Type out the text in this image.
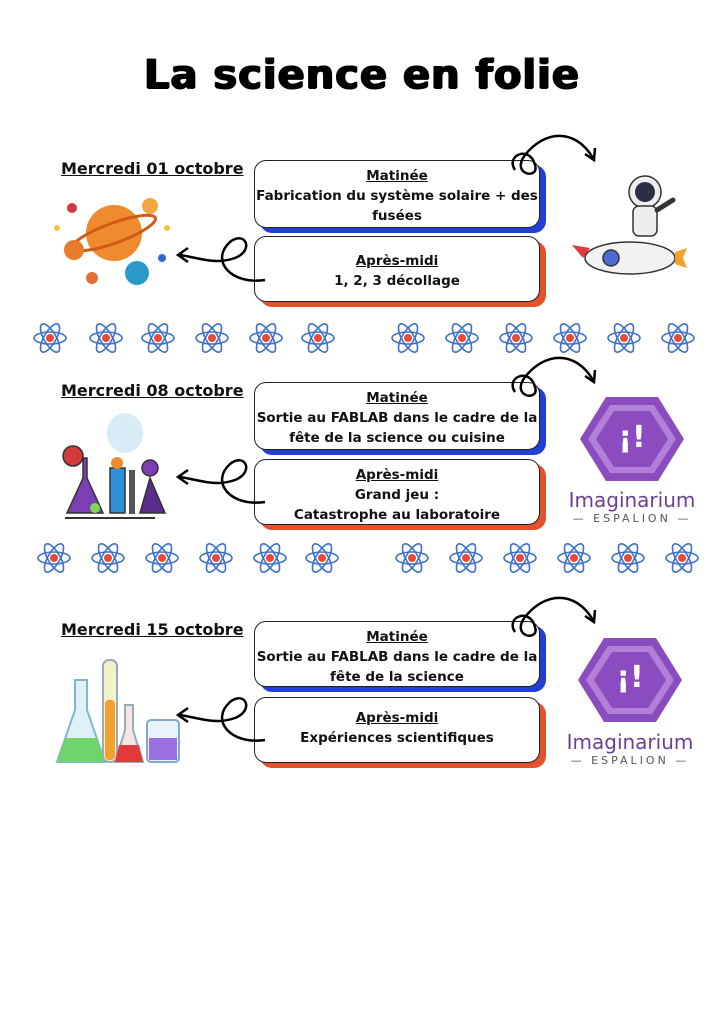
La science en folie
Mercredi 01 octobre	Matinée
Fabrication du système solaire + des
fusées
Après-midi
1, 2, 3 décollage
Mercredi 08 octobre	Matinée
Sortie au FABLAB dans le cadre de la
fête de la science ou cuisine
Après-midi
Grand jeu :
Catastrophe au laboratoire
¡!
Imaginarium
— ESPALION —
Mercredi 15 octobre	Matinée
Sortie au FABLAB dans le cadre de la
fête de la science
Après-midi
Expériences scientifiques
¡!
Imaginarium
— ESPALION —
